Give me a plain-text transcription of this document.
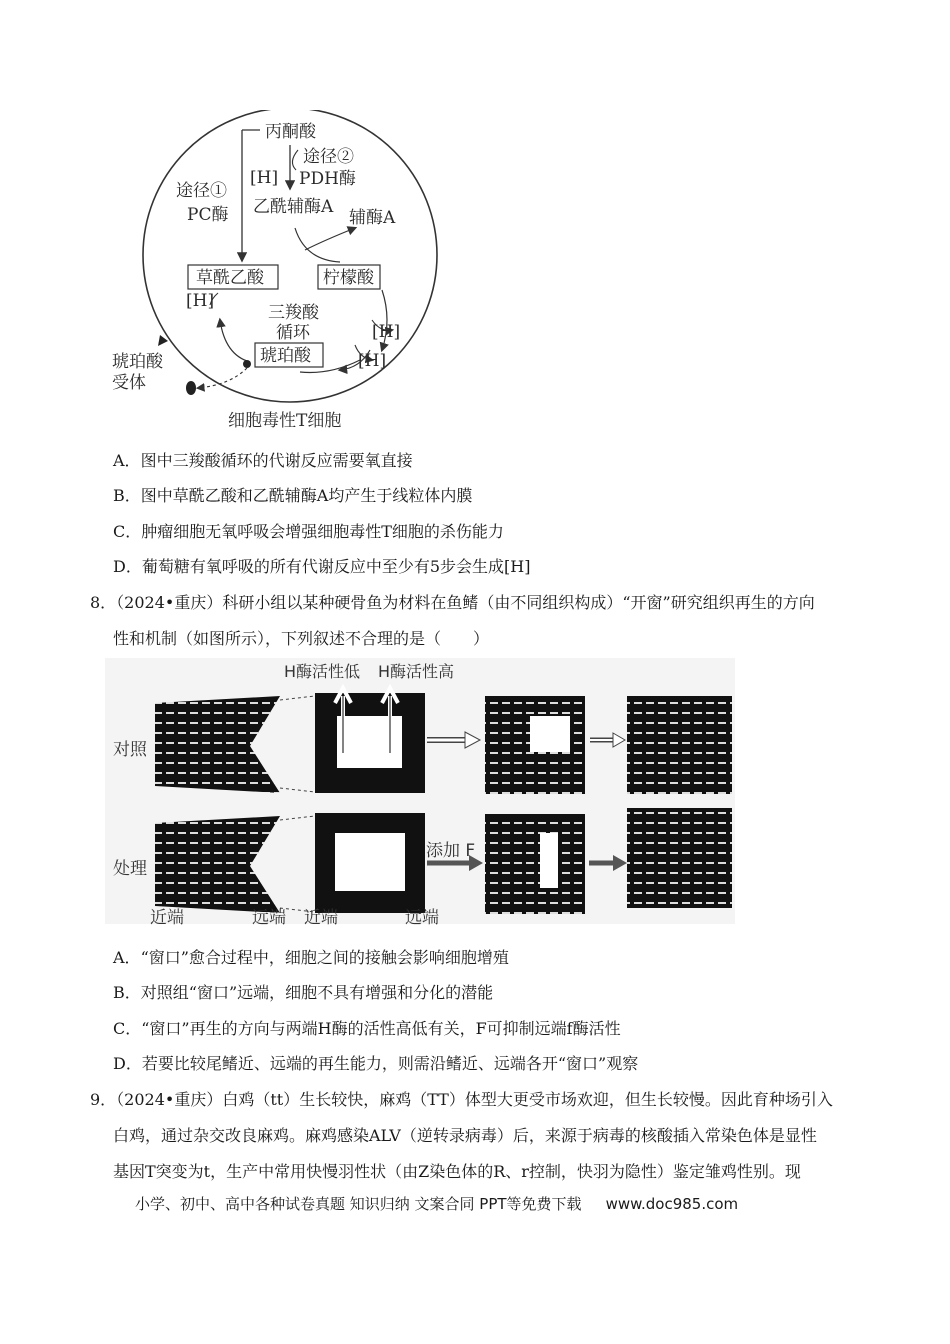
丙酮酸
途径②
[H] PDH酶
途径①
PC酶 乙酰辅酶A
辅酶A
草酰乙酸	柠檬酸
[H]
三羧酸
循环	[H]
[H]
琥珀酸
琥珀酸
受体
细胞毒性T细胞
A．图中三羧酸循环的代谢反应需要氧直接
B．图中草酰乙酸和乙酰辅酶A均产生于线粒体内膜
C．肿瘤细胞无氧呼吸会增强细胞毒性T细胞的杀伤能力
D．葡萄糖有氧呼吸的所有代谢反应中至少有5步会生成[H]
8．（2024•重庆）科研小组以某种硬骨鱼为材料在鱼鳍（由不同组织构成）“开窗”研究组织再生的方向
性和机制（如图所示），下列叙述不合理的是（　　）
H酶活性低 H酶活性高
对照
处理
添加 F
近端	远端 近端	远端
A．“窗口”愈合过程中，细胞之间的接触会影响细胞增殖
B．对照组“窗口”远端，细胞不具有增强和分化的潜能
C．“窗口”再生的方向与两端H酶的活性高低有关，F可抑制远端f酶活性
D．若要比较尾鳍近、远端的再生能力，则需沿鳍近、远端各开“窗口”观察
9．（2024•重庆）白鸡（tt）生长较快，麻鸡（TT）体型大更受市场欢迎，但生长较慢。因此育种场引入
白鸡，通过杂交改良麻鸡。麻鸡感染ALV（逆转录病毒）后，来源于病毒的核酸插入常染色体是显性
基因T突变为t，生产中常用快慢羽性状（由Z染色体的R、r控制，快羽为隐性）鉴定雏鸡性别。现
小学、初中、高中各种试卷真题 知识归纳 文案合同 PPT等免费下载 www.doc985.com
